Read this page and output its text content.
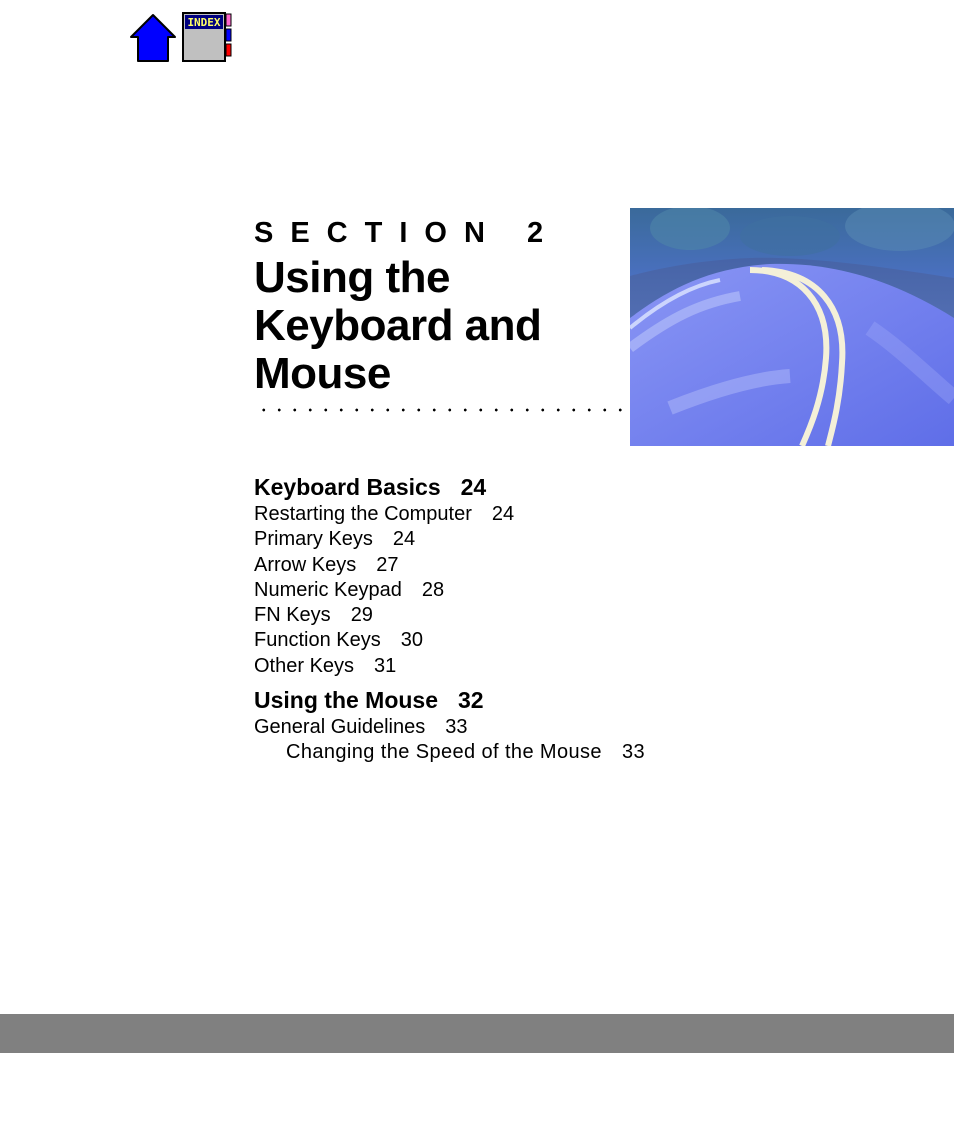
INDEX
SECTION 2
Using the Keyboard and Mouse
Keyboard Basics 24
Restarting the Computer 24
Primary Keys 24
Arrow Keys 27
Numeric Keypad 28
FN Keys 29
Function Keys 30
Other Keys 31
Using the Mouse 32
General Guidelines 33
Changing the Speed of the Mouse 33
